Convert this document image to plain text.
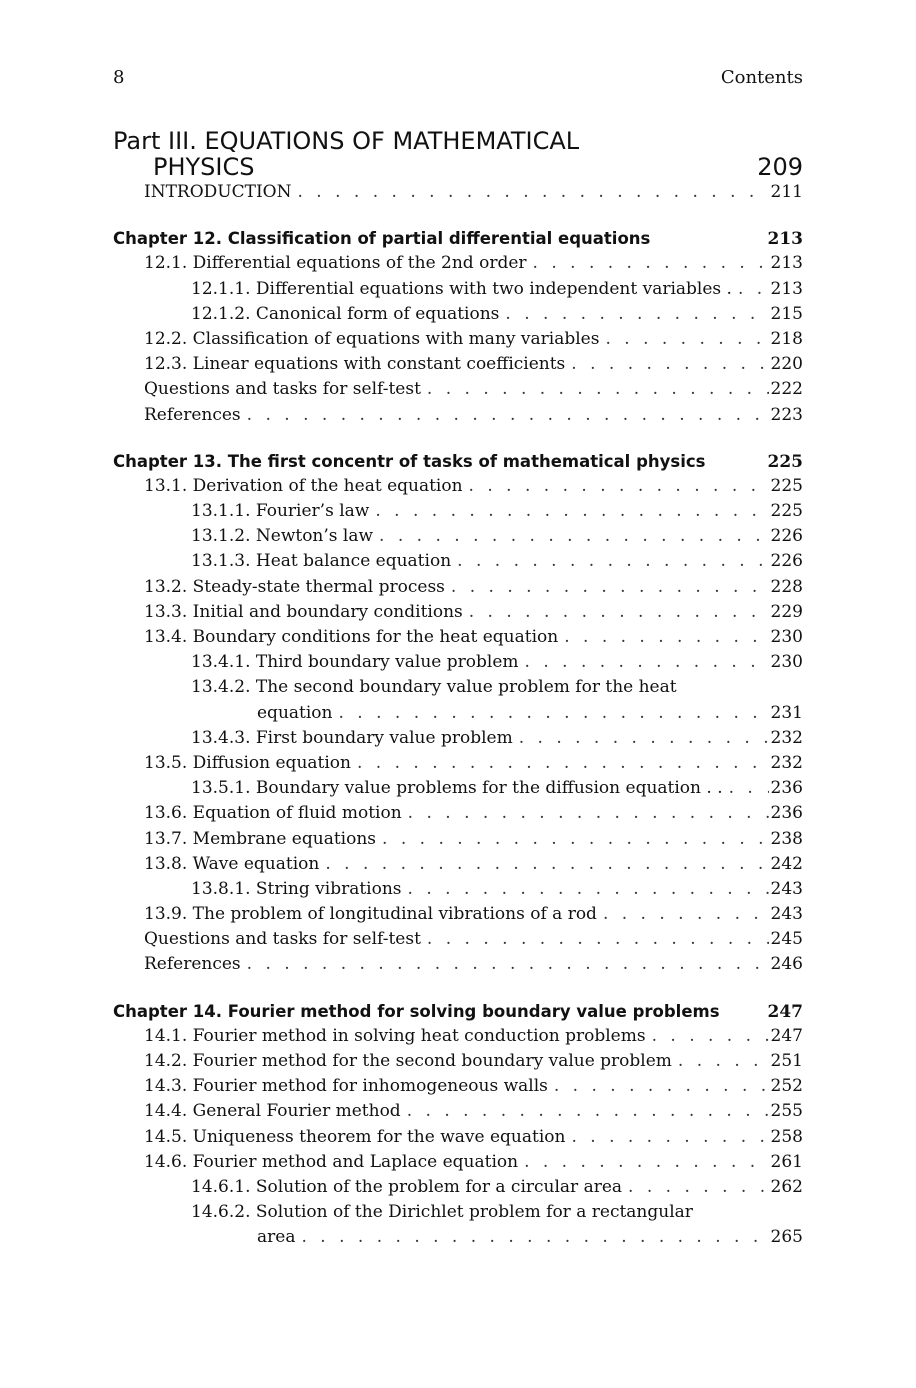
8	Contents
Part III. EQUATIONS OF MATHEMATICAL
PHYSICS	209
INTRODUCTION . . .	211
Chapter 12. Classification of partial differential equations	213
12.1. Differential equations of the 2nd order . . .	213
12.1.1. Differential equations with two independent variables . . . . 213
12.1.2. Canonical form of equations . . .	215
12.2. Classification of equations with many variables . . .	218
12.3. Linear equations with constant coefficients . . .	220
Questions and tasks for self-test . . .	222
References . . .	223
Chapter 13. The first concentr of tasks of mathematical physics	225
13.1. Derivation of the heat equation . . .	225
13.1.1. Fourier’s law . . .	225
13.1.2. Newton’s law . . .	226
13.1.3. Heat balance equation . . .	226
13.2. Steady-state thermal process . . .	228
13.3. Initial and boundary conditions . . .	229
13.4. Boundary conditions for the heat equation . . .	230
13.4.1. Third boundary value problem . . .	230
13.4.2. The second boundary value problem for the heat
equation . . .	231
13.4.3. First boundary value problem . . .	232
13.5. Diffusion equation . . .	232
13.5.1. Boundary value problems for the diffusion equation . . . . .	236
13.6. Equation of fluid motion . . .	236
13.7. Membrane equations . . .	238
13.8. Wave equation . . .	242
13.8.1. String vibrations . . .	243
13.9. The problem of longitudinal vibrations of a rod . . .	243
Questions and tasks for self-test . . .	245
References . . .	246
Chapter 14. Fourier method for solving boundary value problems	247
14.1. Fourier method in solving heat conduction problems . . .	247
14.2. Fourier method for the second boundary value problem . . .	251
14.3. Fourier method for inhomogeneous walls . . .	252
14.4. General Fourier method . . .	255
14.5. Uniqueness theorem for the wave equation . . .	258
14.6. Fourier method and Laplace equation . . .	261
14.6.1. Solution of the problem for a circular area . . .	262
14.6.2. Solution of the Dirichlet problem for a rectangular
area . . .	265
